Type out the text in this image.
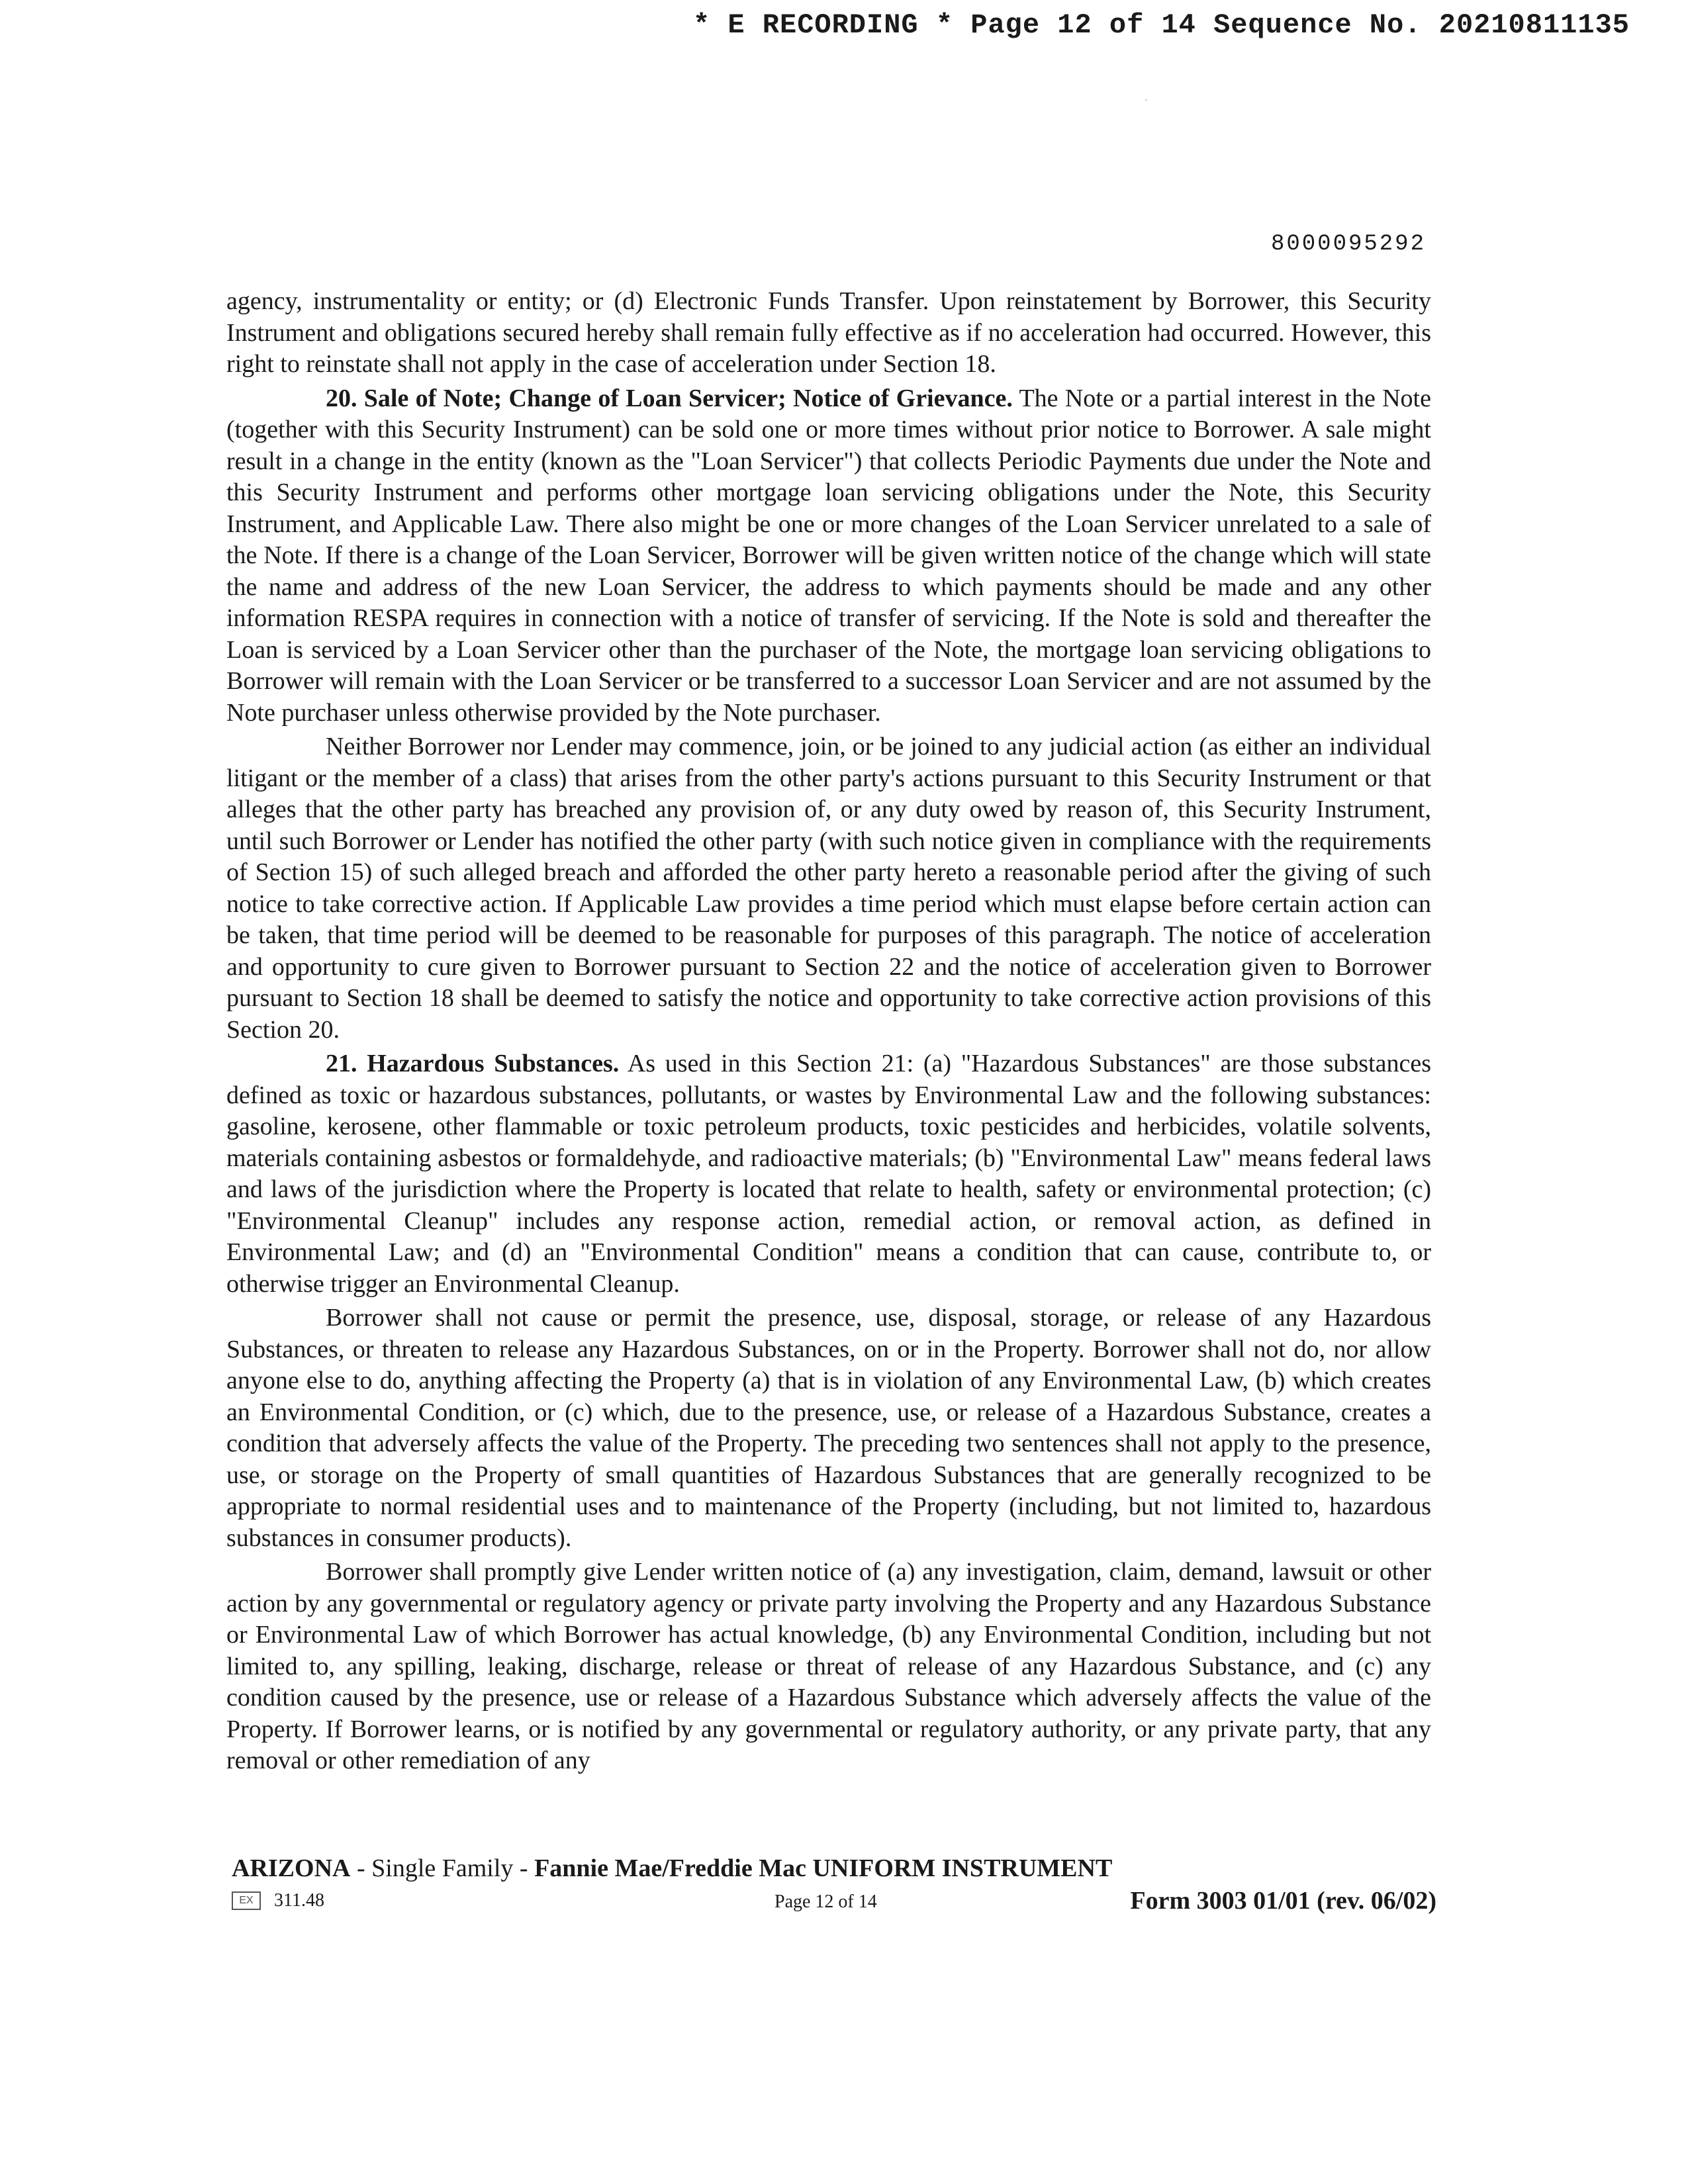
* E RECORDING * Page 12 of 14 Sequence No. 20210811135
8000095292

agency, instrumentality or entity; or (d) Electronic Funds Transfer. Upon reinstatement by Borrower, this Security Instrument and obligations secured hereby shall remain fully effective as if no acceleration had occurred. However, this right to reinstate shall not apply in the case of acceleration under Section 18.

20. Sale of Note; Change of Loan Servicer; Notice of Grievance. The Note or a partial interest in the Note (together with this Security Instrument) can be sold one or more times without prior notice to Borrower. A sale might result in a change in the entity (known as the "Loan Servicer") that collects Periodic Payments due under the Note and this Security Instrument and performs other mortgage loan servicing obligations under the Note, this Security Instrument, and Applicable Law. There also might be one or more changes of the Loan Servicer unrelated to a sale of the Note. If there is a change of the Loan Servicer, Borrower will be given written notice of the change which will state the name and address of the new Loan Servicer, the address to which payments should be made and any other information RESPA requires in connection with a notice of transfer of servicing. If the Note is sold and thereafter the Loan is serviced by a Loan Servicer other than the purchaser of the Note, the mortgage loan servicing obligations to Borrower will remain with the Loan Servicer or be transferred to a successor Loan Servicer and are not assumed by the Note purchaser unless otherwise provided by the Note purchaser.

Neither Borrower nor Lender may commence, join, or be joined to any judicial action (as either an individual litigant or the member of a class) that arises from the other party's actions pursuant to this Security Instrument or that alleges that the other party has breached any provision of, or any duty owed by reason of, this Security Instrument, until such Borrower or Lender has notified the other party (with such notice given in compliance with the requirements of Section 15) of such alleged breach and afforded the other party hereto a reasonable period after the giving of such notice to take corrective action. If Applicable Law provides a time period which must elapse before certain action can be taken, that time period will be deemed to be reasonable for purposes of this paragraph. The notice of acceleration and opportunity to cure given to Borrower pursuant to Section 22 and the notice of acceleration given to Borrower pursuant to Section 18 shall be deemed to satisfy the notice and opportunity to take corrective action provisions of this Section 20.

21. Hazardous Substances. As used in this Section 21: (a) "Hazardous Substances" are those substances defined as toxic or hazardous substances, pollutants, or wastes by Environmental Law and the following substances: gasoline, kerosene, other flammable or toxic petroleum products, toxic pesticides and herbicides, volatile solvents, materials containing asbestos or formaldehyde, and radioactive materials; (b) "Environmental Law" means federal laws and laws of the jurisdiction where the Property is located that relate to health, safety or environmental protection; (c) "Environmental Cleanup" includes any response action, remedial action, or removal action, as defined in Environmental Law; and (d) an "Environmental Condition" means a condition that can cause, contribute to, or otherwise trigger an Environmental Cleanup.

Borrower shall not cause or permit the presence, use, disposal, storage, or release of any Hazardous Substances, or threaten to release any Hazardous Substances, on or in the Property. Borrower shall not do, nor allow anyone else to do, anything affecting the Property (a) that is in violation of any Environmental Law, (b) which creates an Environmental Condition, or (c) which, due to the presence, use, or release of a Hazardous Substance, creates a condition that adversely affects the value of the Property. The preceding two sentences shall not apply to the presence, use, or storage on the Property of small quantities of Hazardous Substances that are generally recognized to be appropriate to normal residential uses and to maintenance of the Property (including, but not limited to, hazardous substances in consumer products).

Borrower shall promptly give Lender written notice of (a) any investigation, claim, demand, lawsuit or other action by any governmental or regulatory agency or private party involving the Property and any Hazardous Substance or Environmental Law of which Borrower has actual knowledge, (b) any Environmental Condition, including but not limited to, any spilling, leaking, discharge, release or threat of release of any Hazardous Substance, and (c) any condition caused by the presence, use or release of a Hazardous Substance which adversely affects the value of the Property. If Borrower learns, or is notified by any governmental or regulatory authority, or any private party, that any removal or other remediation of any

ARIZONA - Single Family - Fannie Mae/Freddie Mac UNIFORM INSTRUMENT
EX	311.48	Page 12 of 14	Form 3003 01/01 (rev. 06/02)
